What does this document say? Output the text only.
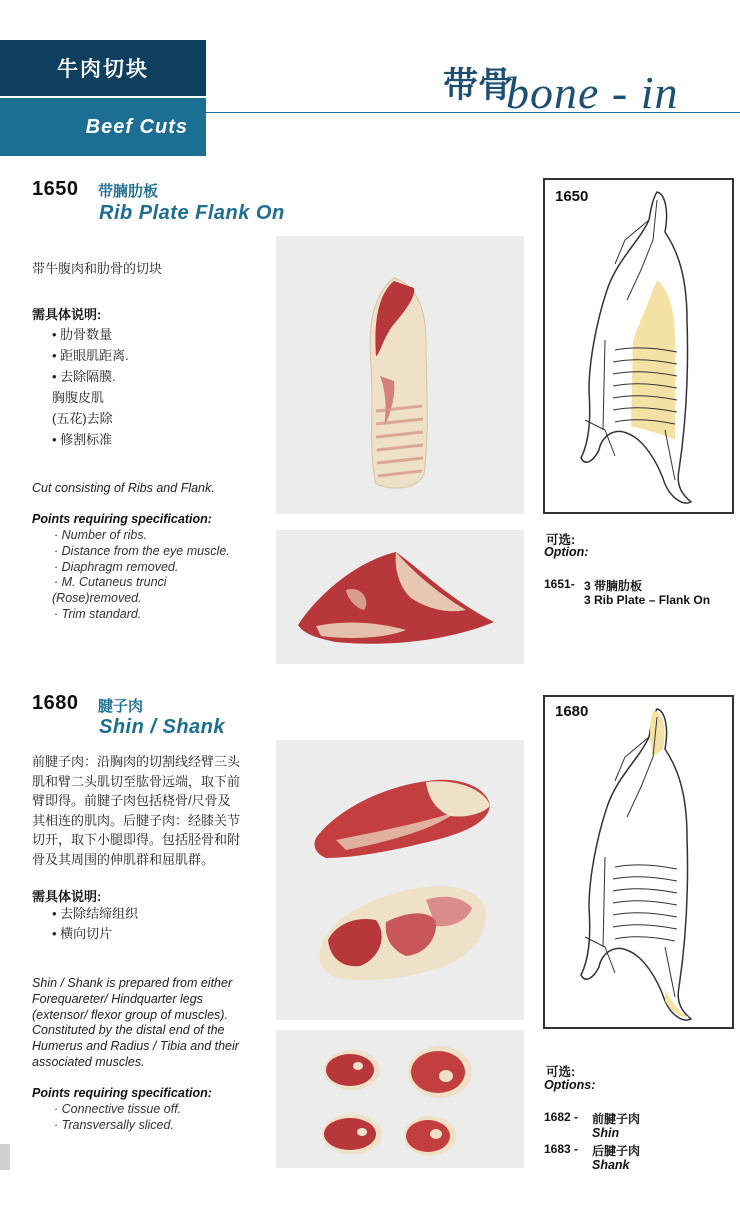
牛肉切块
Beef Cuts
带骨
bone - in
1650 带腩肋板
Rib Plate Flank On
带牛腹肉和肋骨的切块
需具体说明:
• 肋骨数量
• 距眼肌距离.
• 去除隔膜.
胸腹皮肌
(五花)去除
• 修割标准
Cut consisting of Ribs and Flank.
Points requiring specification:
· Number of ribs.
· Distance from the eye muscle.
· Diaphragm removed.
· M. Cutaneus trunci
(Rose)removed.
· Trim standard.
1650
可选:
Option:
1651- 3 带腩肋板
3 Rib Plate – Flank On
1680 腱子肉
Shin / Shank
前腱子肉：沿胸肉的切割线经臂三头
肌和臂二头肌切至肱骨远端，取下前
臂即得。前腱子肉包括桡骨/尺骨及
其相连的肌肉。后腱子肉：经膝关节
切开，取下小腿即得。包括胫骨和附
骨及其周围的伸肌群和屈肌群。
需具体说明:
• 去除结缔组织
• 横向切片
Shin / Shank is prepared from either
Forequareter/ Hindquarter legs
(extensor/ flexor group of muscles).
Constituted by the distal end of the
Humerus and Radius / Tibia and their
associated muscles.
Points requiring specification:
· Connective tissue off.
· Transversally sliced.
1680
可选:
Options:
1682 - 前腱子肉
Shin
1683 - 后腱子肉
Shank
